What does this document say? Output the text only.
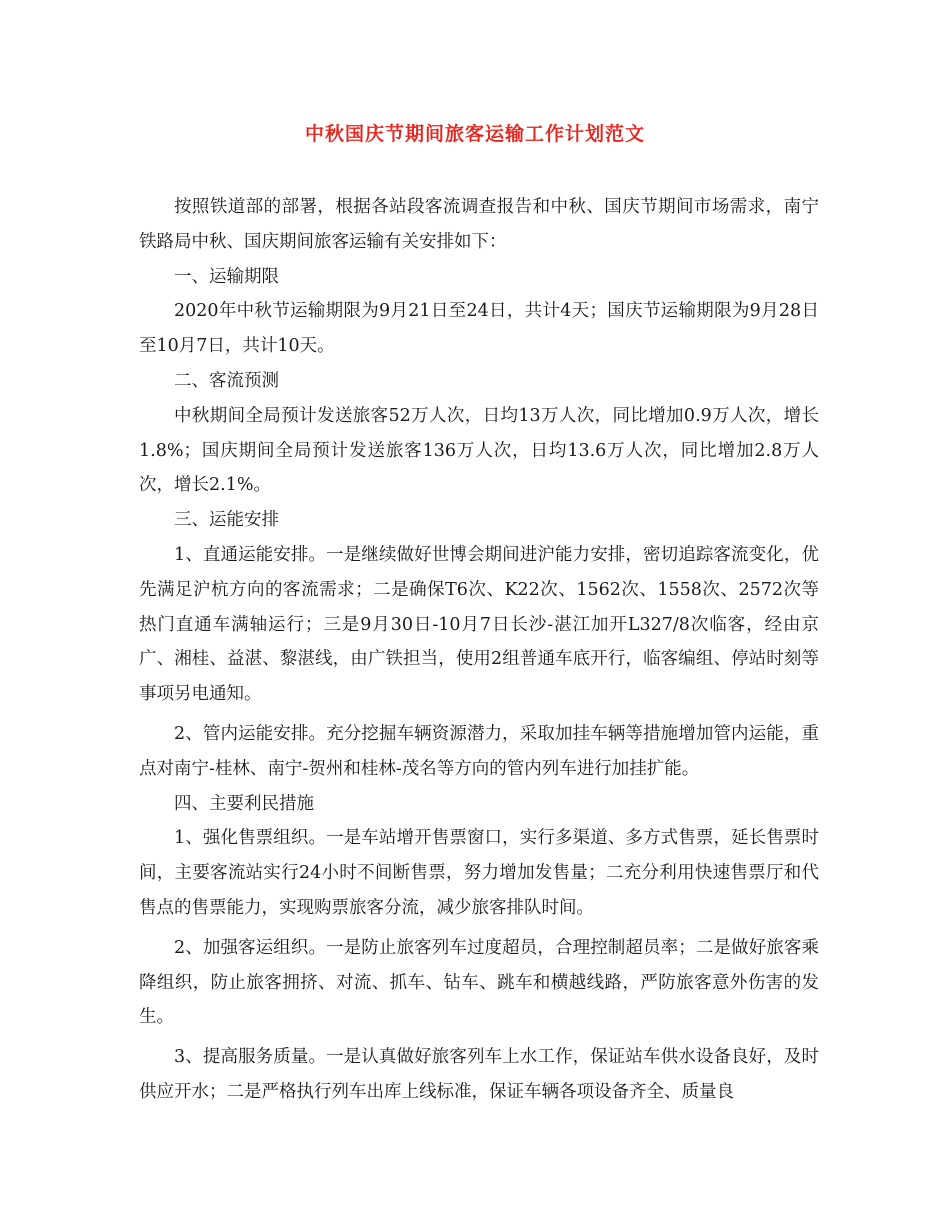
中秋国庆节期间旅客运输工作计划范文

按照铁道部的部署，根据各站段客流调查报告和中秋、国庆节期间市场需求，南宁铁路局中秋、国庆期间旅客运输有关安排如下：

一、运输期限

2020年中秋节运输期限为9月21日至24日，共计4天；国庆节运输期限为9月28日至10月7日，共计10天。

二、客流预测

中秋期间全局预计发送旅客52万人次，日均13万人次，同比增加0.9万人次，增长1.8%；国庆期间全局预计发送旅客136万人次，日均13.6万人次，同比增加2.8万人次，增长2.1%。

三、运能安排

1、直通运能安排。一是继续做好世博会期间进沪能力安排，密切追踪客流变化，优先满足沪杭方向的客流需求；二是确保T6次、K22次、1562次、1558次、2572次等热门直通车满轴运行；三是9月30日-10月7日长沙-湛江加开L327/8次临客，经由京广、湘桂、益湛、黎湛线，由广铁担当，使用2组普通车底开行，临客编组、停站时刻等事项另电通知。

2、管内运能安排。充分挖掘车辆资源潜力，采取加挂车辆等措施增加管内运能，重点对南宁-桂林、南宁-贺州和桂林-茂名等方向的管内列车进行加挂扩能。

四、主要利民措施

1、强化售票组织。一是车站增开售票窗口，实行多渠道、多方式售票，延长售票时间，主要客流站实行24小时不间断售票，努力增加发售量；二充分利用快速售票厅和代售点的售票能力，实现购票旅客分流，减少旅客排队时间。

2、加强客运组织。一是防止旅客列车过度超员，合理控制超员率；二是做好旅客乘降组织，防止旅客拥挤、对流、抓车、钻车、跳车和横越线路，严防旅客意外伤害的发生。

3、提高服务质量。一是认真做好旅客列车上水工作，保证站车供水设备良好，及时供应开水；二是严格执行列车出库上线标准，保证车辆各项设备齐全、质量良
